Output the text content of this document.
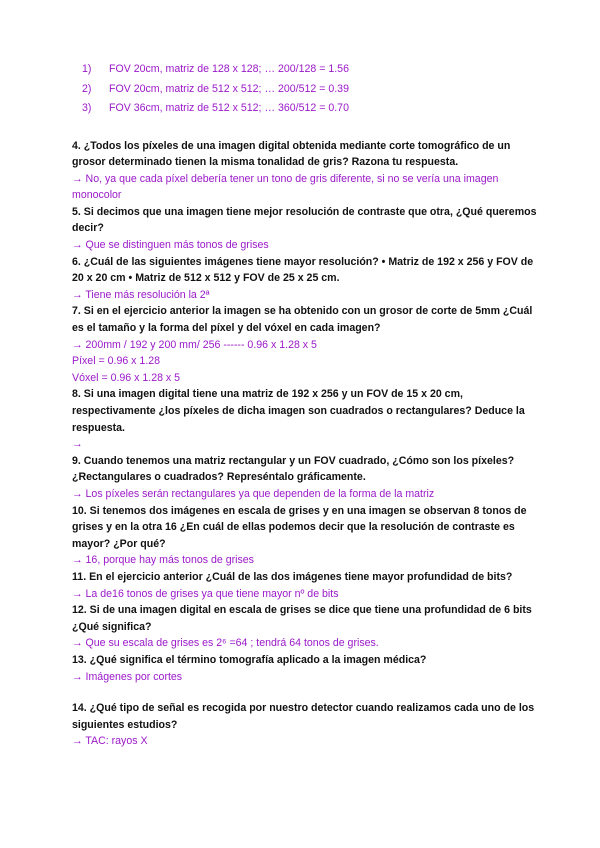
1) FOV 20cm, matriz de 128 x 128; … 200/128 = 1.56
2) FOV 20cm, matriz de 512 x 512; … 200/512 = 0.39
3) FOV 36cm, matriz de 512 x 512; … 360/512 = 0.70

4. ¿Todos los píxeles de una imagen digital obtenida mediante corte tomográfico de un grosor determinado tienen la misma tonalidad de gris? Razona tu respuesta.

→ No, ya que cada píxel debería tener un tono de gris diferente, si no se vería una imagen monocolor

5. Si decimos que una imagen tiene mejor resolución de contraste que otra, ¿Qué queremos decir?

→ Que se distinguen más tonos de grises

6. ¿Cuál de las siguientes imágenes tiene mayor resolución? • Matriz de 192 x 256 y FOV de 20 x 20 cm • Matriz de 512 x 512 y FOV de 25 x 25 cm.

→ Tiene más resolución la 2ª

7. Si en el ejercicio anterior la imagen se ha obtenido con un grosor de corte de 5mm ¿Cuál es el tamaño y la forma del píxel y del vóxel en cada imagen?

→ 200mm / 192 y 200 mm/ 256 ------ 0.96 x 1.28 x 5

Píxel = 0.96 x 1.28

Vóxel = 0.96 x 1.28 x 5

8. Si una imagen digital tiene una matriz de 192 x 256 y un FOV de 15 x 20 cm, respectivamente ¿los píxeles de dicha imagen son cuadrados o rectangulares? Deduce la respuesta.

→

9. Cuando tenemos una matriz rectangular y un FOV cuadrado, ¿Cómo son los píxeles? ¿Rectangulares o cuadrados? Represéntalo gráficamente.

→ Los píxeles serán rectangulares ya que dependen de la forma de la matriz

10. Si tenemos dos imágenes en escala de grises y en una imagen se observan 8 tonos de grises y en la otra 16 ¿En cuál de ellas podemos decir que la resolución de contraste es mayor? ¿Por qué?

→ 16, porque hay más tonos de grises

11. En el ejercicio anterior ¿Cuál de las dos imágenes tiene mayor profundidad de bits?

→ La de16 tonos de grises ya que tiene mayor nº de bits

12. Si de una imagen digital en escala de grises se dice que tiene una profundidad de 6 bits ¿Qué significa?

→ Que su escala de grises es 2⁶ =64 ; tendrá 64 tonos de grises.

13. ¿Qué significa el término tomografía aplicado a la imagen médica?

→ Imágenes por cortes

14. ¿Qué tipo de señal es recogida por nuestro detector cuando realizamos cada uno de los siguientes estudios?

→ TAC: rayos X
